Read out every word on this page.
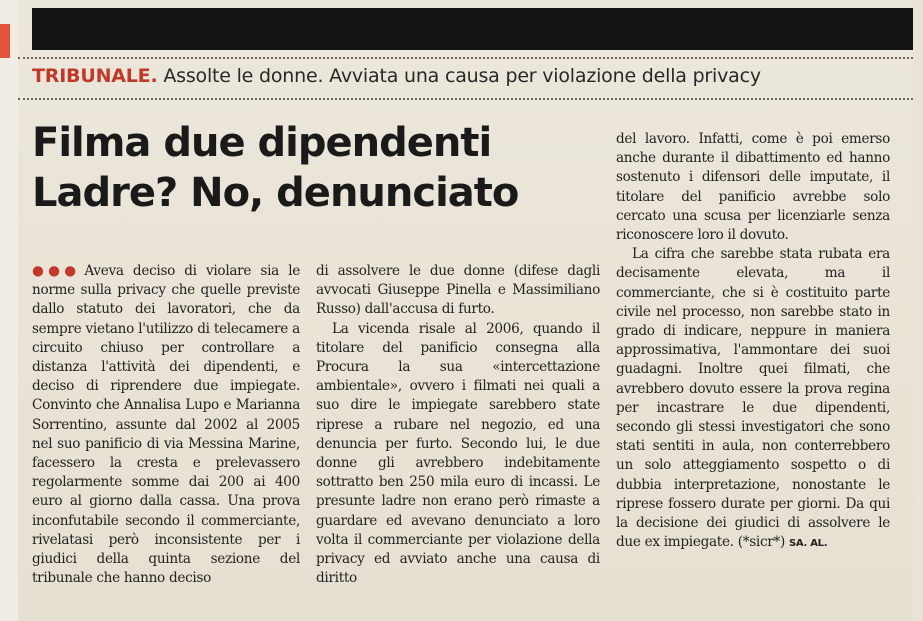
TRIBUNALE. Assolte le donne. Avviata una causa per violazione della privacy
Filma due dipendenti
Ladre? No, denunciato

●●● Aveva deciso di violare sia le norme sulla privacy che quelle previste dallo statuto dei lavoratori, che da sempre vietano l'utilizzo di telecamere a circuito chiuso per controllare a distanza l'attività dei dipendenti, e deciso di riprendere due impiegate. Convinto che Annalisa Lupo e Marianna Sorrentino, assunte dal 2002 al 2005 nel suo panificio di via Messina Marine, facessero la cresta e prelevassero regolarmente somme dai 200 ai 400 euro al giorno dalla cassa. Una prova inconfutabile secondo il commerciante, rivelatasi però inconsistente per i giudici della quinta sezione del tribunale che hanno deciso

di assolvere le due donne (difese dagli avvocati Giuseppe Pinella e Massimiliano Russo) dall'accusa di furto.

La vicenda risale al 2006, quando il titolare del panificio consegna alla Procura la sua «intercettazione ambientale», ovvero i filmati nei quali a suo dire le impiegate sarebbero state riprese a rubare nel negozio, ed una denuncia per furto. Secondo lui, le due donne gli avrebbero indebitamente sottratto ben 250 mila euro di incassi. Le presunte ladre non erano però rimaste a guardare ed avevano denunciato a loro volta il commerciante per violazione della privacy ed avviato anche una causa di diritto

del lavoro. Infatti, come è poi emerso anche durante il dibattimento ed hanno sostenuto i difensori delle imputate, il titolare del panificio avrebbe solo cercato una scusa per licenziarle senza riconoscere loro il dovuto.

La cifra che sarebbe stata rubata era decisamente elevata, ma il commerciante, che si è costituito parte civile nel processo, non sarebbe stato in grado di indicare, neppure in maniera approssimativa, l'ammontare dei suoi guadagni. Inoltre quei filmati, che avrebbero dovuto essere la prova regina per incastrare le due dipendenti, secondo gli stessi investigatori che sono stati sentiti in aula, non conterrebbero un solo atteggiamento sospetto o di dubbia interpretazione, nonostante le riprese fossero durate per giorni. Da qui la decisione dei giudici di assolvere le due ex impiegate. (*sicr*) SA. AL.
